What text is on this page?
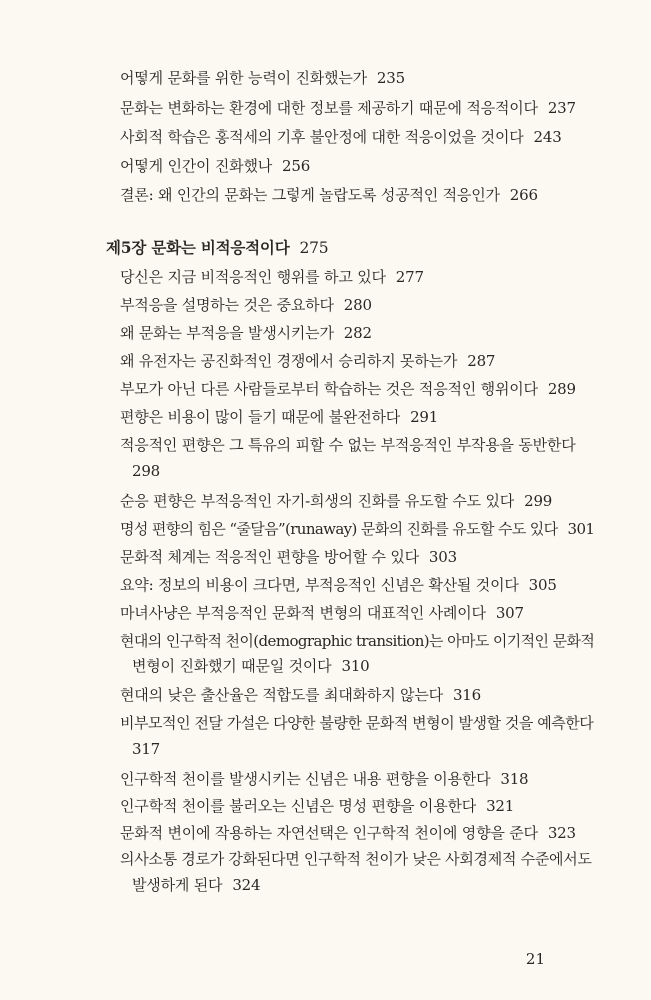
어떻게 문화를 위한 능력이 진화했는가 235
문화는 변화하는 환경에 대한 정보를 제공하기 때문에 적응적이다 237
사회적 학습은 홍적세의 기후 불안정에 대한 적응이었을 것이다 243
어떻게 인간이 진화했나 256
결론: 왜 인간의 문화는 그렇게 놀랍도록 성공적인 적응인가 266
제5장 문화는 비적응적이다 275
당신은 지금 비적응적인 행위를 하고 있다 277
부적응을 설명하는 것은 중요하다 280
왜 문화는 부적응을 발생시키는가 282
왜 유전자는 공진화적인 경쟁에서 승리하지 못하는가 287
부모가 아닌 다른 사람들로부터 학습하는 것은 적응적인 행위이다 289
편향은 비용이 많이 들기 때문에 불완전하다 291
적응적인 편향은 그 특유의 피할 수 없는 부적응적인 부작용을 동반한다
298
순응 편향은 부적응적인 자기-희생의 진화를 유도할 수도 있다 299
명성 편향의 힘은 “줄달음”(runaway) 문화의 진화를 유도할 수도 있다 301
문화적 체계는 적응적인 편향을 방어할 수 있다 303
요약: 정보의 비용이 크다면, 부적응적인 신념은 확산될 것이다 305
마녀사냥은 부적응적인 문화적 변형의 대표적인 사례이다 307
현대의 인구학적 천이(demographic transition)는 아마도 이기적인 문화적
변형이 진화했기 때문일 것이다 310
현대의 낮은 출산율은 적합도를 최대화하지 않는다 316
비부모적인 전달 가설은 다양한 불량한 문화적 변형이 발생할 것을 예측한다
317
인구학적 천이를 발생시키는 신념은 내용 편향을 이용한다 318
인구학적 천이를 불러오는 신념은 명성 편향을 이용한다 321
문화적 변이에 작용하는 자연선택은 인구학적 천이에 영향을 준다 323
의사소통 경로가 강화된다면 인구학적 천이가 낮은 사회경제적 수준에서도
발생하게 된다 324
21
